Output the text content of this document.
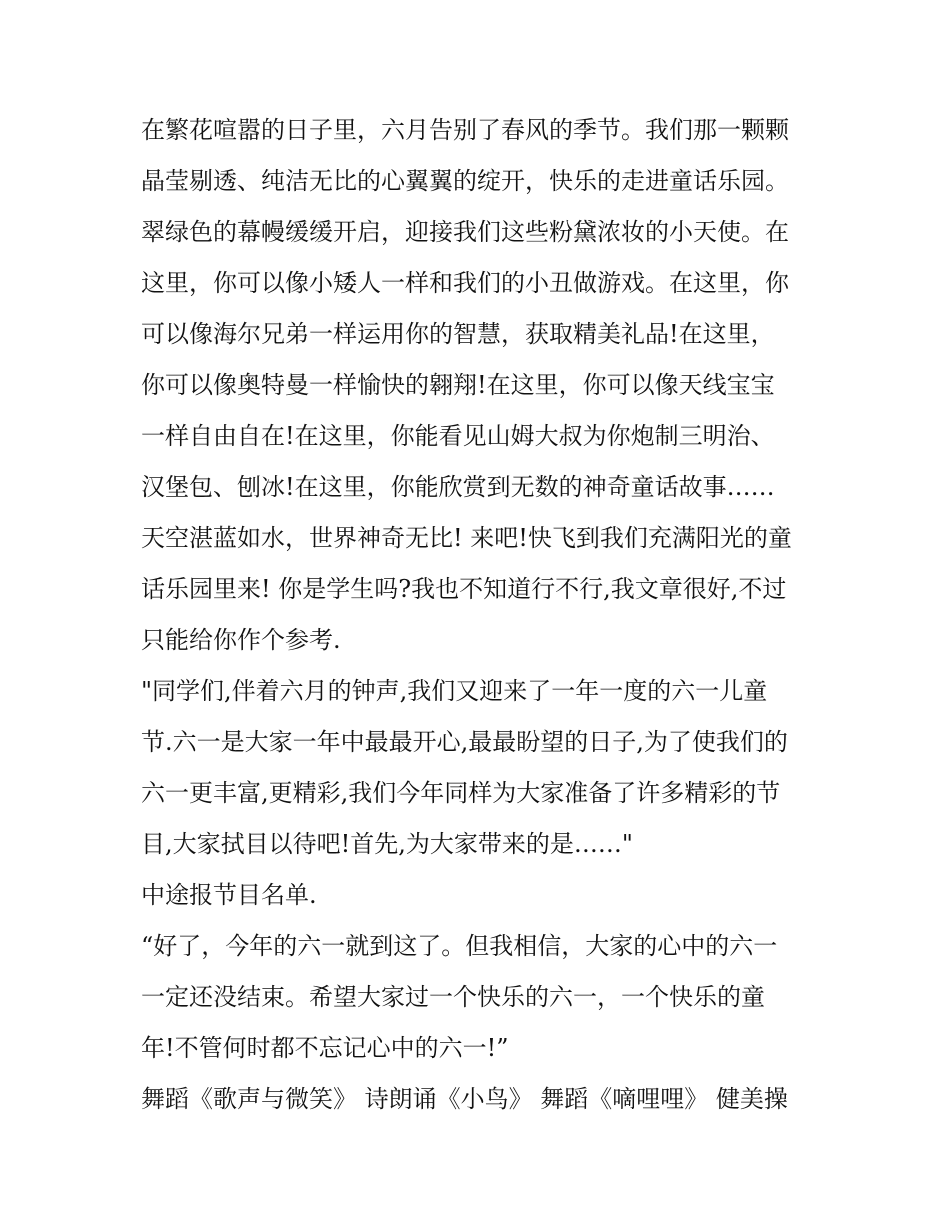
在繁花喧嚣的日子里，六月告别了春风的季节。我们那一颗颗
晶莹剔透、纯洁无比的心翼翼的绽开，快乐的走进童话乐园。
翠绿色的幕幔缓缓开启，迎接我们这些粉黛浓妆的小天使。在
这里，你可以像小矮人一样和我们的小丑做游戏。在这里，你
可以像海尔兄弟一样运用你的智慧，获取精美礼品!在这里，
你可以像奥特曼一样愉快的翱翔!在这里，你可以像天线宝宝
一样自由自在!在这里，你能看见山姆大叔为你炮制三明治、
汉堡包、刨冰!在这里，你能欣赏到无数的神奇童话故事……
天空湛蓝如水，世界神奇无比! 来吧!快飞到我们充满阳光的童
话乐园里来! 你是学生吗?我也不知道行不行,我文章很好,不过
只能给你作个参考.
"同学们,伴着六月的钟声,我们又迎来了一年一度的六一儿童
节.六一是大家一年中最最开心,最最盼望的日子,为了使我们的
六一更丰富,更精彩,我们今年同样为大家准备了许多精彩的节
目,大家拭目以待吧!首先,为大家带来的是……"
中途报节目名单.
“好了，今年的六一就到这了。但我相信，大家的心中的六一
一定还没结束。希望大家过一个快乐的六一，一个快乐的童
年!不管何时都不忘记心中的六一!”
舞蹈《歌声与微笑》 诗朗诵《小鸟》 舞蹈《嘀哩哩》 健美操
